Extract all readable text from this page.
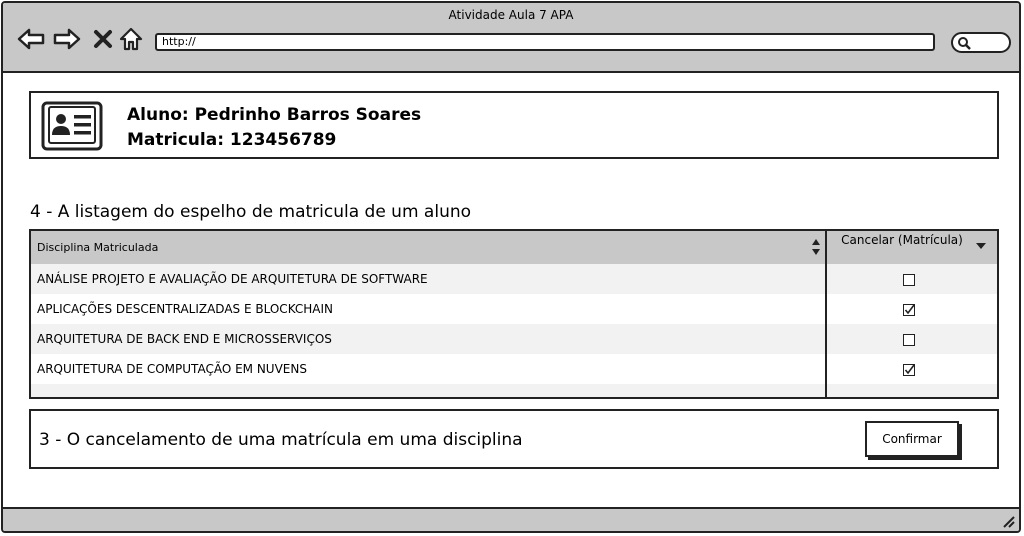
Atividade Aula 7 APA
http://
Aluno: Pedrinho Barros Soares
Matricula: 123456789
4 - A listagem do espelho de matricula de um aluno
Disciplina Matriculada
Cancelar (Matrícula)
ANÁLISE PROJETO E AVALIAÇÃO DE ARQUITETURA DE SOFTWARE
APLICAÇÕES DESCENTRALIZADAS E BLOCKCHAIN
ARQUITETURA DE BACK END E MICROSSERVIÇOS
ARQUITETURA DE COMPUTAÇÃO EM NUVENS
3 - O cancelamento de uma matrícula em uma disciplina	Confirmar
